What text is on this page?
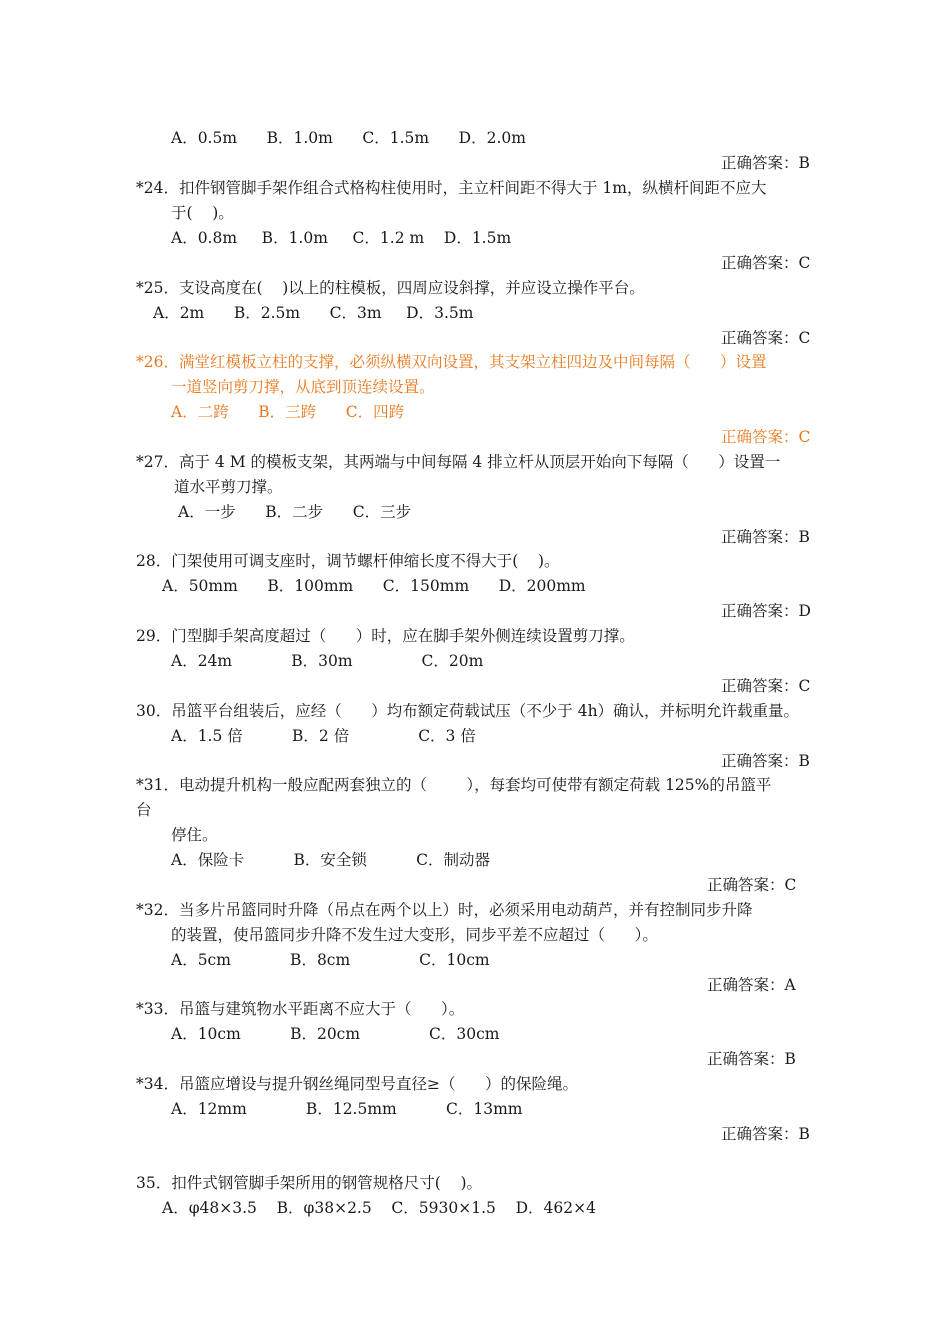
A．0.5m      B．1.0m      C．1.5m      D．2.0m
正确答案：B
*24．扣件钢管脚手架作组合式格构柱使用时，主立杆间距不得大于 1m，纵横杆间距不应大
于(    )。
A．0.8m     B．1.0m     C．1.2 m    D．1.5m
正确答案：C
*25．支设高度在(    )以上的柱模板，四周应设斜撑，并应设立操作平台。
A．2m      B．2.5m      C．3m     D．3.5m
正确答案：C
*26．满堂红模板立柱的支撑，必须纵横双向设置，其支架立柱四边及中间每隔（      ）设置
一道竖向剪刀撑，从底到顶连续设置。
A．二跨      B．三跨      C．四跨
正确答案：C
*27．高于 4 M 的模板支架，其两端与中间每隔 4 排立杆从顶层开始向下每隔（      ）设置一
道水平剪刀撑。
A．一步      B．二步      C．三步
正确答案：B
28．门架使用可调支座时，调节螺杆伸缩长度不得大于(    )。
A．50mm      B．100mm      C．150mm      D．200mm
正确答案：D
29．门型脚手架高度超过（      ）时，应在脚手架外侧连续设置剪刀撑。
A．24m            B．30m              C．20m
正确答案：C
30．吊篮平台组装后，应经（      ）均布额定荷载试压（不少于 4h）确认，并标明允许载重量。
A．1.5 倍          B．2 倍              C．3 倍
正确答案：B
*31．电动提升机构一般应配两套独立的（        ），每套均可使带有额定荷载 125%的吊篮平
台
停住。
A．保险卡          B．安全锁          C．制动器
正确答案：C
*32．当多片吊篮同时升降（吊点在两个以上）时，必须采用电动葫芦，并有控制同步升降
的装置，使吊篮同步升降不发生过大变形，同步平差不应超过（      ）。
A．5cm            B．8cm              C．10cm
正确答案：A
*33．吊篮与建筑物水平距离不应大于（      ）。
A．10cm          B．20cm              C．30cm
正确答案：B
*34．吊篮应增设与提升钢丝绳同型号直径≥（      ）的保险绳。
A．12mm            B．12.5mm          C．13mm
正确答案：B
35．扣件式钢管脚手架所用的钢管规格尺寸(    )。
A．φ48×3.5    B．φ38×2.5    C．5930×1.5    D．462×4
